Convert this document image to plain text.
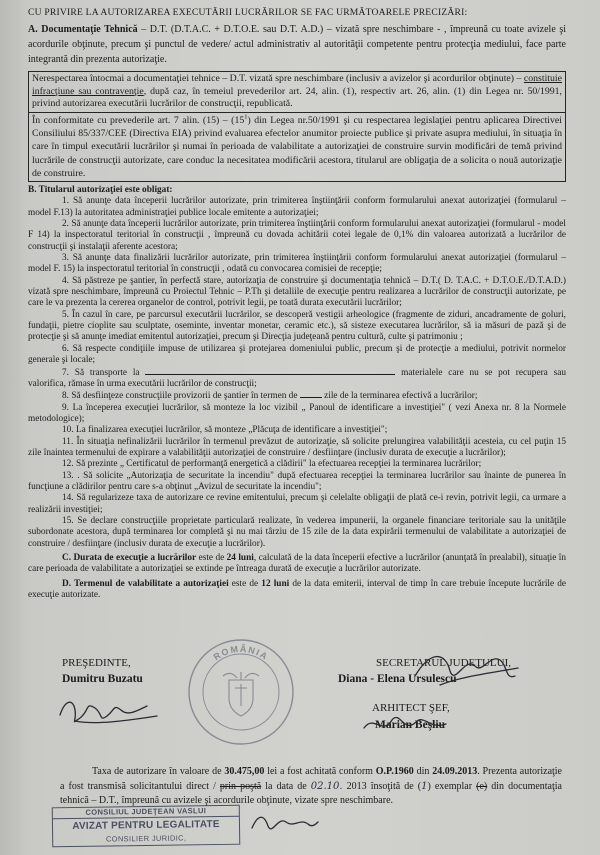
CU PRIVIRE LA AUTORIZAREA EXECUTĂRII LUCRĂRILOR SE FAC URMĂTOARELE PRECIZĂRI:

A. Documentaţie Tehnică – D.T. (D.T.A.C. + D.T.O.E. sau D.T. A.D.) – vizată spre neschimbare - , împreună cu toate avizele şi acordurile obţinute, precum şi punctul de vedere/ actul administrativ al autorităţii competente pentru protecţia mediului, face parte integrantă din prezenta autorizaţie.

Nerespectarea întocmai a documentaţiei tehnice – D.T. vizată spre neschimbare (inclusiv a avizelor şi acordurilor obţinute) – constituie infracţiune sau contravenţie, după caz, în temeiul prevederilor art. 24, alin. (1), respectiv art. 26, alin. (1) din Legea nr. 50/1991, privind autorizarea executării lucrărilor de construcţii, republicată.
În conformitate cu prevederile art. 7 alin. $(15) - (15^1)$ din Legea nr.50/1991 şi cu respectarea legislaţiei pentru aplicarea Directivei Consiliului 85/337/CEE (Directiva EIA) privind evaluarea efectelor anumitor proiecte publice şi private asupra mediului, în situaţia în care în timpul executării lucrărilor şi numai în perioada de valabilitate a autorizaţiei de construire survin modificări de temă privind lucrările de construcţii autorizate, care conduc la necesitatea modificării acestora, titularul are obligaţia de a solicita o nouă autorizaţie de construire.

B. Titularul autorizaţiei este obligat:

1. Să anunţe data începerii lucrărilor autorizate, prin trimiterea înştiinţării conform formularului anexat autorizaţiei (formularul – model F.13) la autoritatea administraţiei publice locale emitente a autorizaţiei;

2. Să anunţe data începerii lucrărilor autorizate, prin trimiterea înştiinţării conform formularului anexat autorizaţiei (formularul - model F 14) la inspectoratul teritorial în construcţii , împreună cu dovada achitării cotei legale de 0,1% din valoarea autorizată a lucrărilor de construcţii şi instalaţii aferente acestora;

3. Să anunţe data finalizării lucrărilor autorizate, prin trimiterea înştiinţării conform formularului anexat autorizaţiei (formularul – model F. 15) la inspectoratul teritorial în construcţii , odată cu convocarea comisiei de recepţie;

4. Să păstreze pe şantier, în perfectă stare, autorizaţia de construire şi documentaţia tehnică – D.T.( D. T.A.C. + D.T.O.E./D.T.A.D.) vizată spre neschimbare, împreună cu Proiectul Tehnic – P.Th şi detaliile de execuţie pentru realizarea a lucrărilor de construcţii autorizate, pe care le va prezenta la cererea organelor de control, potrivit legii, pe toată durata executării lucrărilor;

5. În cazul în care, pe parcursul executării lucrărilor, se descoperă vestigii arheologice (fragmente de ziduri, ancadramente de goluri, fundaţii, pietre cioplite sau sculptate, oseminte, inventar monetar, ceramic etc.), să sisteze executarea lucrărilor, să ia măsuri de pază şi de protecţie şi să anunţe imediat emitentul autorizaţiei, precum şi Direcţia judeţeană pentru cultură, culte şi patrimoniu ;

6. Să respecte condiţiile impuse de utilizarea şi protejarea domeniului public, precum şi de protecţie a mediului, potrivit normelor generale şi locale;

7. Să transporte la	materialele care nu se pot recupera sau valorifica, rămase în urma executării lucrărilor de construcţii;

8. Să desfiinţeze construcţiile provizorii de şantier în termen de	zile de la terminarea efectivă a lucrărilor;

9. La începerea execuţiei lucrărilor, să monteze la loc vizibil „ Panoul de identificare a investiţiei" ( vezi Anexa nr. 8 la Normele metodologice);

10. La finalizarea execuţiei lucrărilor, să monteze „Plăcuţa de identificare a investiţiei";

11. În situaţia nefinalizării lucrărilor în termenul prevăzut de autorizaţie, să solicite prelungirea valabilităţii acesteia, cu cel puţin 15 zile înaintea termenului de expirare a valabilităţii autorizaţiei de construire / desfiinţare (inclusiv durata de execuţie a lucrărilor);

12. Să prezinte „ Certificatul de performanţă energetică a clădirii" la efectuarea recepţiei la terminarea lucrărilor;

13. . Să solicite „Autorizaţia de securitate la incendiu" după efectuarea recepţiei la terminarea lucrărilor sau înainte de punerea în funcţiune a clădirilor pentru care s-a obţinut „Avizul de securitate la incendiu";

14. Să regularizeze taxa de autorizare ce revine emitentului, precum şi celelalte obligaţii de plată ce-i revin, potrivit legii, ca urmare a realizării investiţiei;

15. Se declare construcţiile proprietate particulară realizate, în vederea impunerii, la organele financiare teritoriale sau la unităţile subordonate acestora, după terminarea lor completă şi nu mai târziu de 15 zile de la data expirării termenului de valabilitate a autorizaţiei de construire / desfiinţare (inclusiv durata de execuţie a lucrărilor).

C. Durata de execuţie a lucrărilor este de 24 luni, calculată de la data începerii efective a lucrărilor (anunţată în prealabil), situaţie în care perioada de valabilitate a autorizaţiei se extinde pe întreaga durată de execuţie a lucrărilor autorizate.

D. Termenul de valabilitate a autorizaţiei este de 12 luni de la data emiterii, interval de timp în care trebuie începute lucrările de execuţie autorizate.

ROMÂNIA

PREŞEDINTE,

Dumitru Buzatu

SECRETARUL JUDEŢULUI,

Diana - Elena Ursulescu

ARHITECT ŞEF,

Marian Beşliu

Taxa de autorizare în valoare de 30.475,00 lei a fost achitată conform O.P.1960 din 24.09.2013. Prezenta autorizaţie a fost transmisă solicitantului direct / prin poştă la data de 02.10. 2013 însoţită de (1) exemplar (e) din documentaţia tehnică – D.T., împreună cu avizele şi acordurile obţinute, vizate spre neschimbare.

CONSILIUL JUDEŢEAN VASLUI
AVIZAT PENTRU LEGALITATE
CONSILIER JURIDIC,
